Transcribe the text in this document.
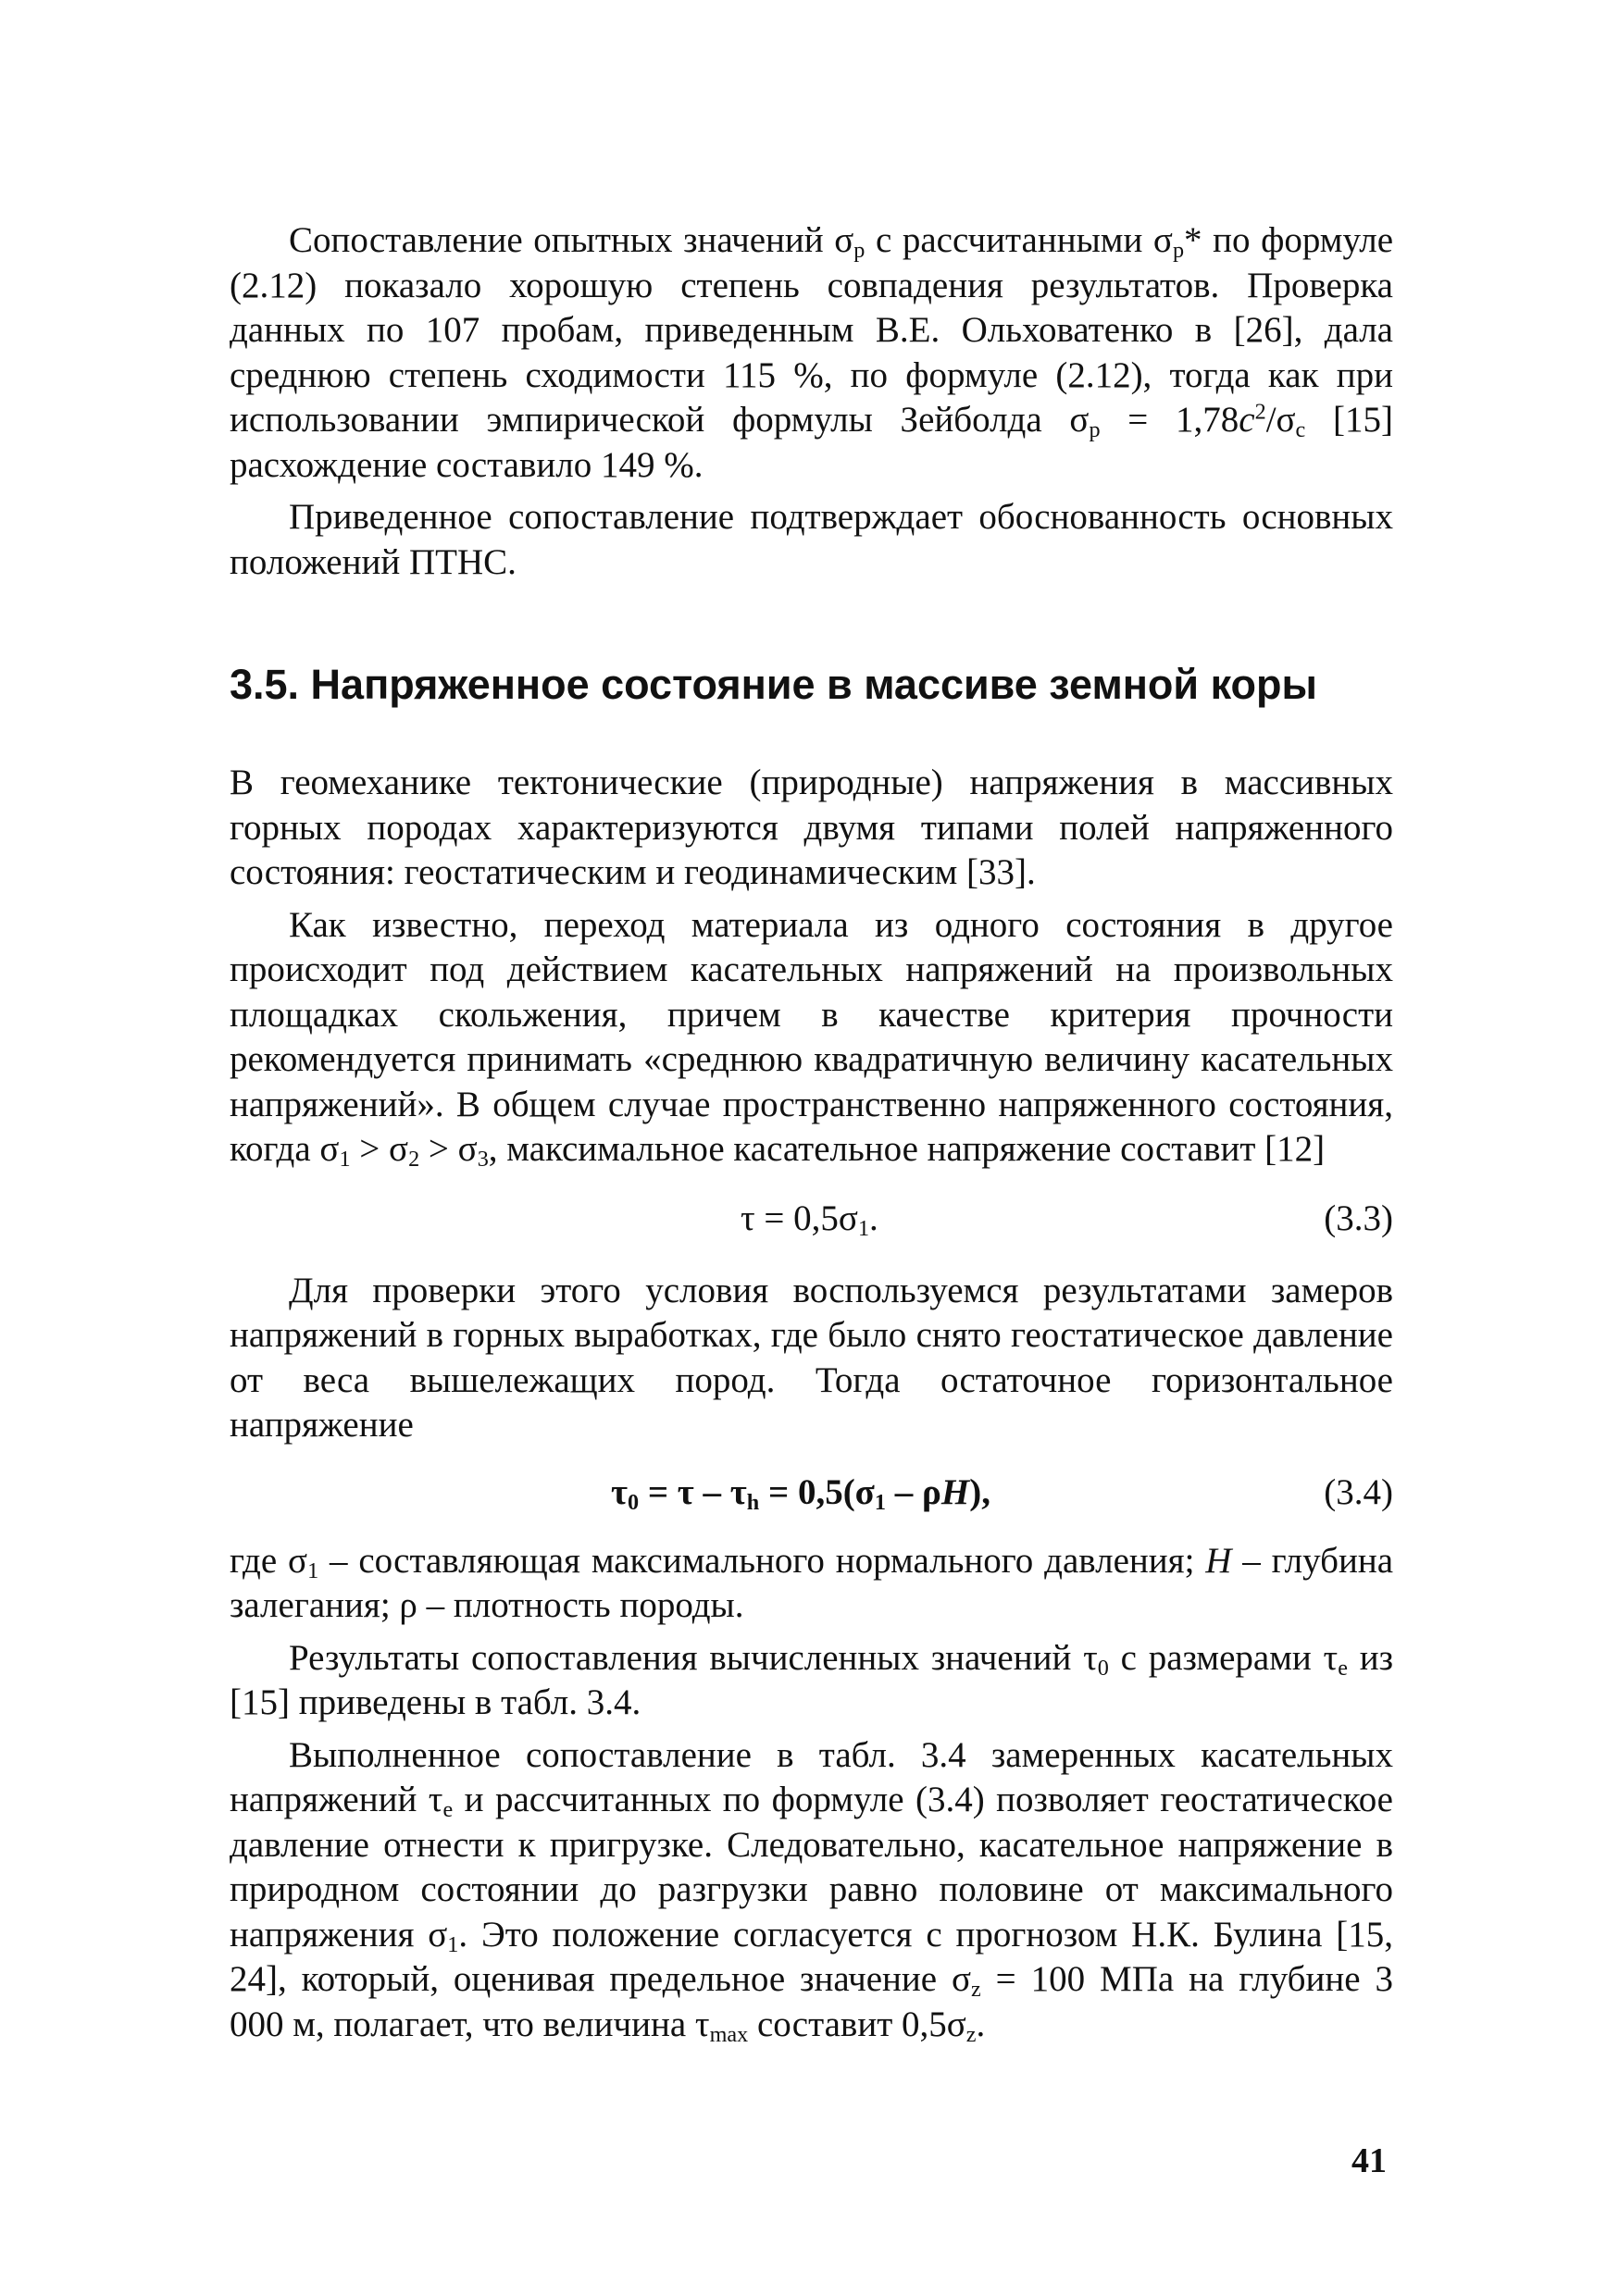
Сопоставление опытных значений $\sigma_р$ с рассчитанными $\sigma_р*$ по формуле (2.12) показало хорошую степень совпадения результатов. Проверка данных по 107 пробам, приведенным В.Е. Ольховатенко в [26], дала среднюю степень сходимости 115 %, по формуле (2.12), тогда как при использовании эмпирической формулы Зейболда $\sigma_р = 1,78с^2/\sigma_с$ [15] расхождение составило 149 %.

Приведенное сопоставление подтверждает обоснованность основных положений ПТНС.

3.5. Напряженное состояние в массиве земной коры

В геомеханике тектонические (природные) напряжения в массивных горных породах характеризуются двумя типами полей напряженного состояния: геостатическим и геодинамическим [33].

Как известно, переход материала из одного состояния в другое происходит под действием касательных напряжений на произвольных площадках скольжения, причем в качестве критерия прочности рекомендуется принимать «среднюю квадратичную величину касательных напряжений». В общем случае пространственно напряженного состояния, когда $\sigma_1 > \sigma_2 > \sigma_3$, максимальное касательное напряжение составит [12]

$\tau = 0,5\sigma_1$.	(3.3)

Для проверки этого условия воспользуемся результатами замеров напряжений в горных выработках, где было снято геостатическое давление от веса вышележащих пород. Тогда остаточное горизонтальное напряжение

$\tau_0 = \tau - \tau_h = 0,5(\sigma_1 - \rho H)$,	(3.4)

где $\sigma_1$ – составляющая максимального нормального давления; H – глубина залегания; ρ – плотность породы.

Результаты сопоставления вычисленных значений $\tau_0$ с размерами $\tau_e$ из [15] приведены в табл. 3.4.

Выполненное сопоставление в табл. 3.4 замеренных касательных напряжений $\tau_e$ и рассчитанных по формуле (3.4) позволяет геостатическое давление отнести к пригрузке. Следовательно, касательное напряжение в природном состоянии до разгрузки равно половине от максимального напряжения $\sigma_1$. Это положение согласуется с прогнозом Н.К. Булина [15, 24], который, оценивая предельное значение $\sigma_z = 100$ МПа на глубине 3 000 м, полагает, что величина $\tau_{max}$ составит $0,5\sigma_z$.

41
